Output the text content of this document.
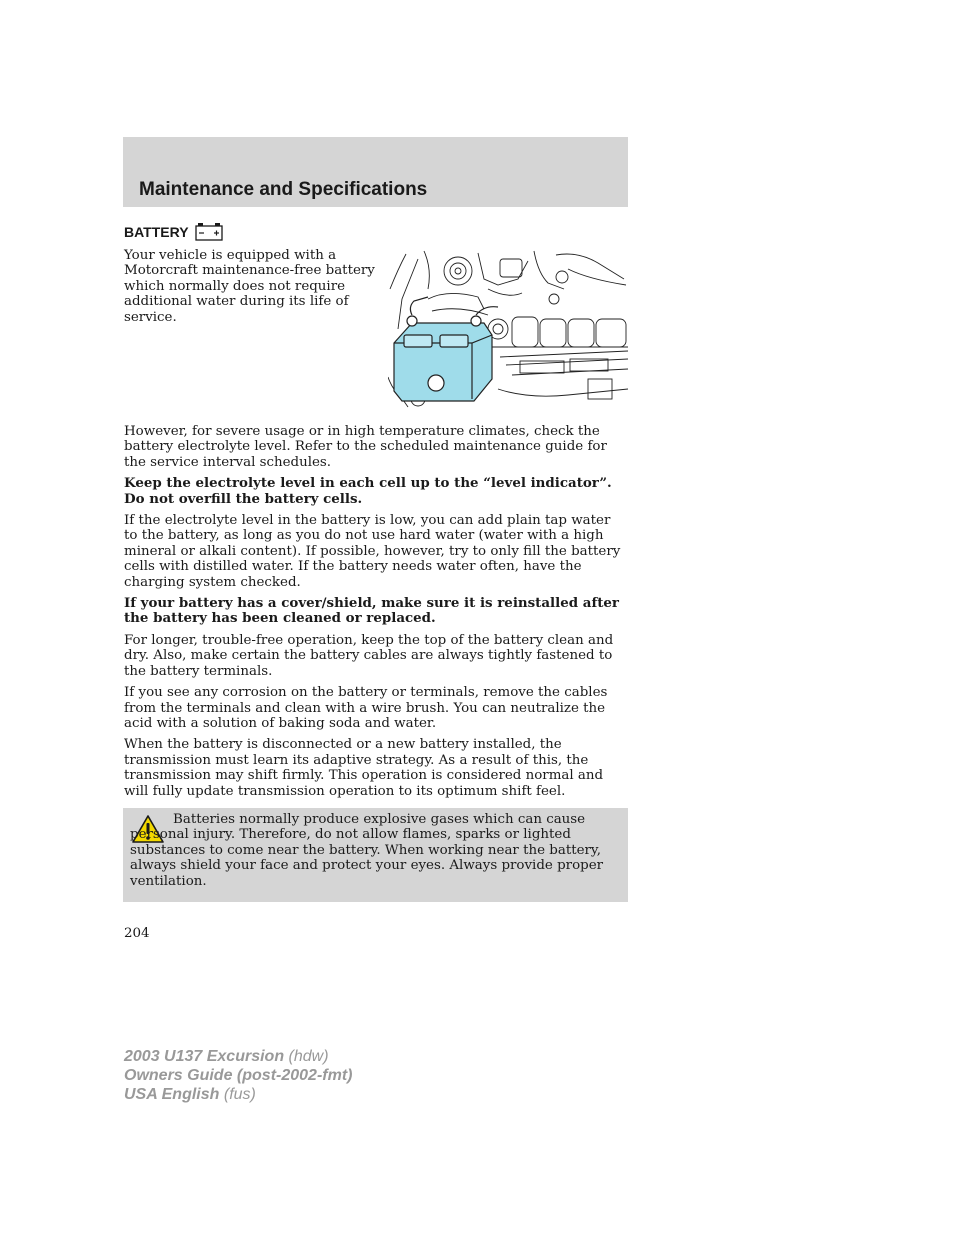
Maintenance and Specifications
BATTERY

Your vehicle is equipped with a Motorcraft maintenance-free battery which normally does not require additional water during its life of service.

However, for severe usage or in high temperature climates, check the battery electrolyte level. Refer to the scheduled maintenance guide for the service interval schedules.

Keep the electrolyte level in each cell up to the “level indicator”. Do not overfill the battery cells.

If the electrolyte level in the battery is low, you can add plain tap water to the battery, as long as you do not use hard water (water with a high mineral or alkali content). If possible, however, try to only fill the battery cells with distilled water. If the battery needs water often, have the charging system checked.

If your battery has a cover/shield, make sure it is reinstalled after the battery has been cleaned or replaced.

For longer, trouble-free operation, keep the top of the battery clean and dry. Also, make certain the battery cables are always tightly fastened to the battery terminals.

If you see any corrosion on the battery or terminals, remove the cables from the terminals and clean with a wire brush. You can neutralize the acid with a solution of baking soda and water.

When the battery is disconnected or a new battery installed, the transmission must learn its adaptive strategy. As a result of this, the transmission may shift firmly. This operation is considered normal and will fully update transmission operation to its optimum shift feel.

Batteries normally produce explosive gases which can cause personal injury. Therefore, do not allow flames, sparks or lighted substances to come near the battery. When working near the battery, always shield your face and protect your eyes. Always provide proper ventilation.

204

2003 U137 Excursion (hdw)
Owners Guide (post-2002-fmt)
USA English (fus)
